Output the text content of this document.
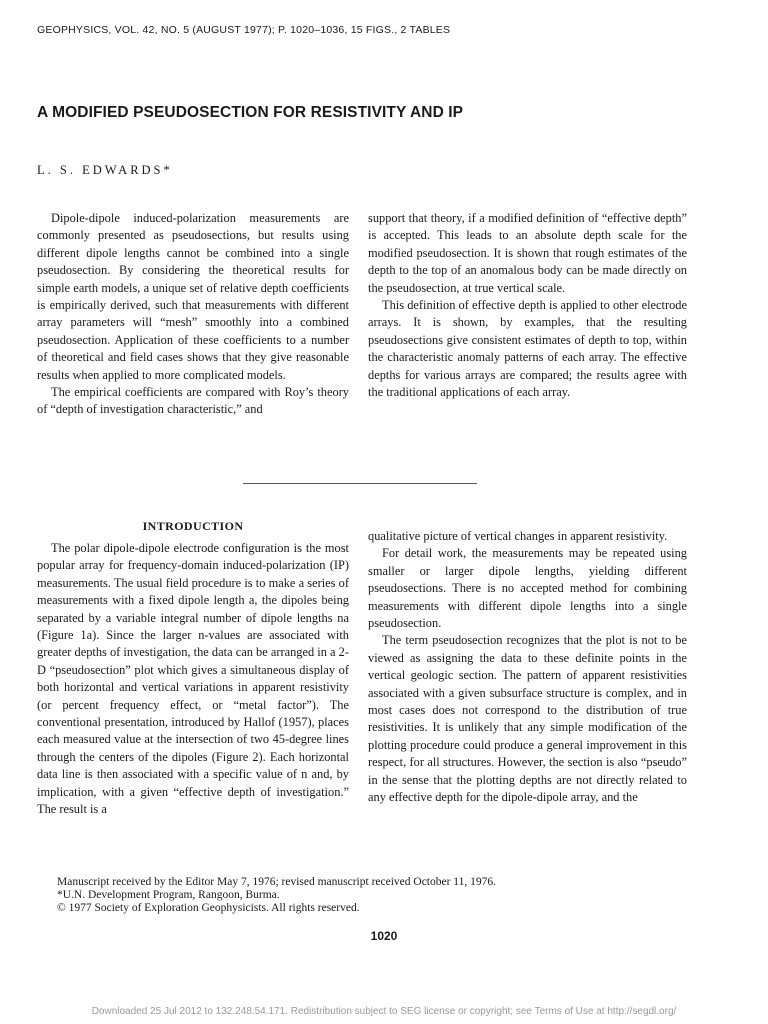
GEOPHYSICS, VOL. 42, NO. 5 (AUGUST 1977); P. 1020–1036, 15 FIGS., 2 TABLES
A MODIFIED PSEUDOSECTION FOR RESISTIVITY AND IP
L. S. EDWARDS*

Dipole-dipole induced-polarization measurements are commonly presented as pseudosections, but results using different dipole lengths cannot be combined into a single pseudosection. By considering the theoretical results for simple earth models, a unique set of relative depth coefficients is empirically derived, such that measurements with different array parameters will “mesh” smoothly into a combined pseudosection. Application of these coefficients to a number of theoretical and field cases shows that they give reasonable results when applied to more complicated models.

The empirical coefficients are compared with Roy’s theory of “depth of investigation characteristic,” and

support that theory, if a modified definition of “effective depth” is accepted. This leads to an absolute depth scale for the modified pseudosection. It is shown that rough estimates of the depth to the top of an anomalous body can be made directly on the pseudosection, at true vertical scale.

This definition of effective depth is applied to other electrode arrays. It is shown, by examples, that the resulting pseudosections give consistent estimates of depth to top, within the characteristic anomaly patterns of each array. The effective depths for various arrays are compared; the results agree with the traditional applications of each array.

INTRODUCTION

The polar dipole-dipole electrode configuration is the most popular array for frequency-domain induced-polarization (IP) measurements. The usual field procedure is to make a series of measurements with a fixed dipole length a, the dipoles being separated by a variable integral number of dipole lengths na (Figure 1a). Since the larger n-values are associated with greater depths of investigation, the data can be arranged in a 2-D “pseudosection” plot which gives a simultaneous display of both horizontal and vertical variations in apparent resistivity (or percent frequency effect, or “metal factor”). The conventional presentation, introduced by Hallof (1957), places each measured value at the intersection of two 45-degree lines through the centers of the dipoles (Figure 2). Each horizontal data line is then associated with a specific value of n and, by implication, with a given “effective depth of investigation.” The result is a

qualitative picture of vertical changes in apparent resistivity.

For detail work, the measurements may be repeated using smaller or larger dipole lengths, yielding different pseudosections. There is no accepted method for combining measurements with different dipole lengths into a single pseudosection.

The term pseudosection recognizes that the plot is not to be viewed as assigning the data to these definite points in the vertical geologic section. The pattern of apparent resistivities associated with a given subsurface structure is complex, and in most cases does not correspond to the distribution of true resistivities. It is unlikely that any simple modification of the plotting procedure could produce a general improvement in this respect, for all structures. However, the section is also “pseudo” in the sense that the plotting depths are not directly related to any effective depth for the dipole-dipole array, and the

Manuscript received by the Editor May 7, 1976; revised manuscript received October 11, 1976.
*U.N. Development Program, Rangoon, Burma.
© 1977 Society of Exploration Geophysicists. All rights reserved.
1020
Downloaded 25 Jul 2012 to 132.248.54.171. Redistribution subject to SEG license or copyright; see Terms of Use at http://segdl.org/
